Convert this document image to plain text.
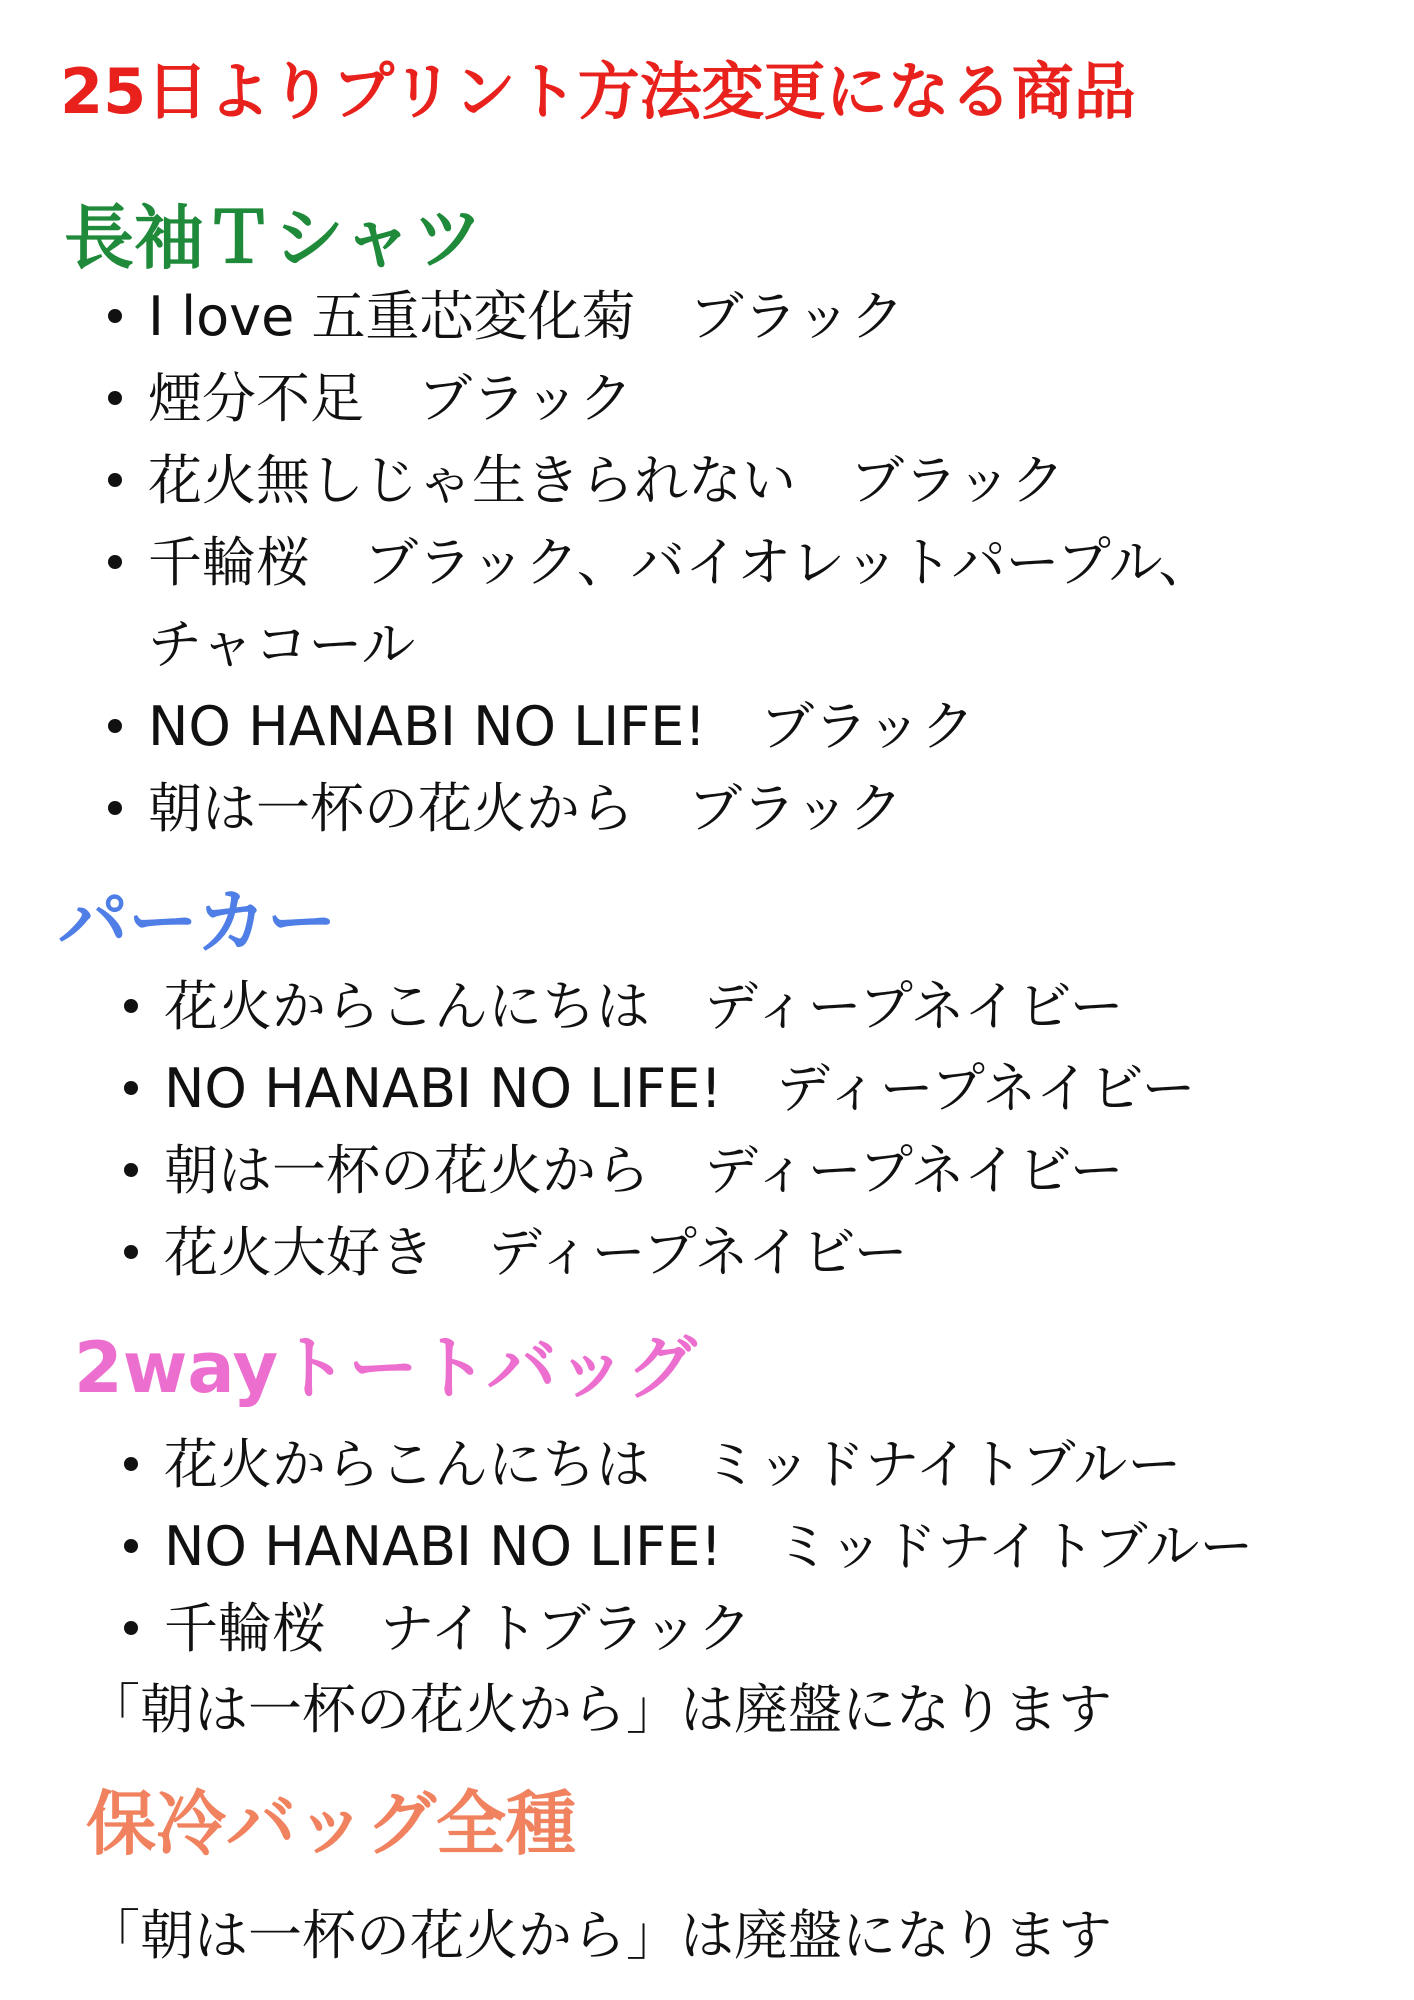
25日よりプリント方法変更になる商品
長袖Ｔシャツ
I love 五重芯変化菊　ブラック
煙分不足　ブラック
花火無しじゃ生きられない　ブラック
千輪桜　ブラック、バイオレットパープル、
チャコール
NO HANABI NO LIFE!　ブラック
朝は一杯の花火から　ブラック
パーカー
花火からこんにちは　ディープネイビー
NO HANABI NO LIFE!　ディープネイビー
朝は一杯の花火から　ディープネイビー
花火大好き　ディープネイビー
2wayトートバッグ
花火からこんにちは　ミッドナイトブルー
NO HANABI NO LIFE!　ミッドナイトブルー
千輪桜　ナイトブラック

「朝は一杯の花火から」は廃盤になります

保冷バッグ全種

「朝は一杯の花火から」は廃盤になります
